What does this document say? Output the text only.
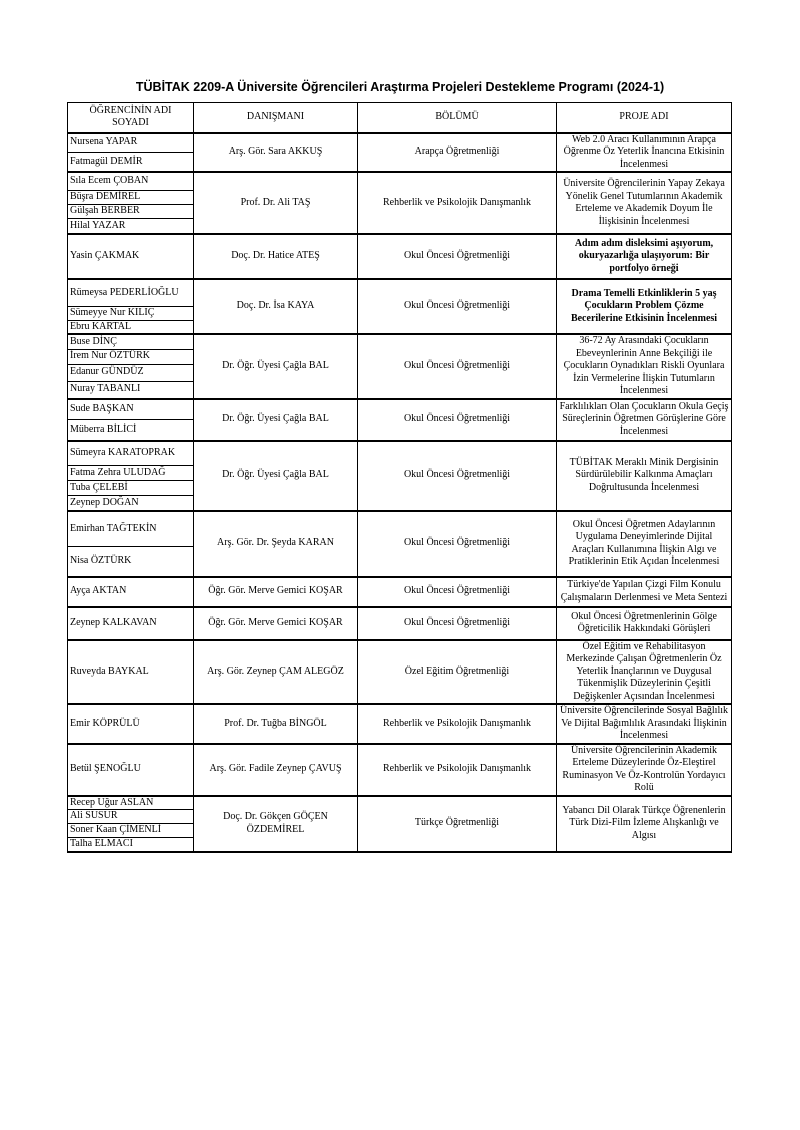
TÜBİTAK 2209-A Üniversite Öğrencileri Araştırma Projeleri Destekleme Programı (2024-1)
ÖĞRENCİNİN ADI SOYADI	DANIŞMANI	BÖLÜMÜ	PROJE ADI
Nursena YAPAR	Arş. Gör. Sara AKKUŞ	Arapça Öğretmenliği	Web 2.0 Aracı Kullanımının Arapça Öğrenme Öz Yeterlik İnancına Etkisinin İncelenmesi
Fatmagül DEMİR			
Sıla Ecem ÇOBAN	Prof. Dr. Ali TAŞ	Rehberlik ve Psikolojik Danışmanlık	Üniversite Öğrencilerinin Yapay Zekaya Yönelik Genel Tutumlarının Akademik Erteleme ve Akademik Doyum İle İlişkisinin İncelenmesi
Büşra DEMİREL			
Gülşah BERBER			
Hilal YAZAR			
Yasin ÇAKMAK	Doç. Dr. Hatice ATEŞ	Okul Öncesi Öğretmenliği	Adım adım disleksimi aşıyorum, okuryazarlığa ulaşıyorum: Bir portfolyo örneği
Rümeysa PEDERLİOĞLU	Doç. Dr. İsa KAYA	Okul Öncesi Öğretmenliği	Drama Temelli Etkinliklerin 5 yaş Çocukların Problem Çözme Becerilerine Etkisinin İncelenmesi
Sümeyye Nur KILIÇ			
Ebru KARTAL			
Buse DİNÇ	Dr. Öğr. Üyesi Çağla BAL	Okul Öncesi Öğretmenliği	36-72 Ay Arasındaki Çocukların Ebeveynlerinin Anne Bekçiliği ile Çocukların Oynadıkları Riskli Oyunlara İzin Vermelerine İlişkin Tutumların İncelenmesi
İrem Nur ÖZTÜRK			
Edanur GÜNDÜZ			
Nuray TABANLI			
Sude BAŞKAN	Dr. Öğr. Üyesi Çağla BAL	Okul Öncesi Öğretmenliği	Farklılıkları Olan Çocukların Okula Geçiş Süreçlerinin Öğretmen Görüşlerine Göre İncelenmesi
Müberra BİLİCİ			
Sümeyra KARATOPRAK	Dr. Öğr. Üyesi Çağla BAL	Okul Öncesi Öğretmenliği	TÜBİTAK Meraklı Minik Dergisinin Sürdürülebilir Kalkınma Amaçları Doğrultusunda İncelenmesi
Fatma Zehra ULUDAĞ			
Tuba ÇELEBİ			
Zeynep DOĞAN			
Emirhan TAĞTEKİN	Arş. Gör. Dr. Şeyda KARAN	Okul Öncesi Öğretmenliği	Okul Öncesi Öğretmen Adaylarının Uygulama Deneyimlerinde Dijital Araçları Kullanımına İlişkin Algı ve Pratiklerinin Etik Açıdan İncelenmesi
Nisa ÖZTÜRK			
Ayça AKTAN	Öğr. Gör. Merve Gemici KOŞAR	Okul Öncesi Öğretmenliği	Türkiye'de Yapılan Çizgi Film Konulu Çalışmaların Derlenmesi ve Meta Sentezi
Zeynep KALKAVAN	Öğr. Gör. Merve Gemici KOŞAR	Okul Öncesi Öğretmenliği	Okul Öncesi Öğretmenlerinin Gölge Öğreticilik Hakkındaki Görüşleri
Ruveyda BAYKAL	Arş. Gör. Zeynep ÇAM ALEGÖZ	Özel Eğitim Öğretmenliği	Özel Eğitim ve Rehabilitasyon Merkezinde Çalışan Öğretmenlerin Öz Yeterlik İnançlarının ve Duygusal Tükenmişlik Düzeylerinin Çeşitli Değişkenler Açısından İncelenmesi
Emir KÖPRÜLÜ	Prof. Dr. Tuğba BİNGÖL	Rehberlik ve Psikolojik Danışmanlık	Üniversite Öğrencilerinde Sosyal Bağlılık Ve Dijital Bağımlılık Arasındaki İlişkinin İncelenmesi
Betül ŞENOĞLU	Arş. Gör. Fadile Zeynep ÇAVUŞ	Rehberlik ve Psikolojik Danışmanlık	Üniversite Öğrencilerinin Akademik Erteleme Düzeylerinde Öz-Eleştirel Ruminasyon Ve Öz-Kontrolün Yordayıcı Rolü
Recep Uğur ASLAN	Doç. Dr. Gökçen GÖÇEN ÖZDEMİREL	Türkçe Öğretmenliği	Yabancı Dil Olarak Türkçe Öğrenenlerin Türk Dizi-Film İzleme Alışkanlığı ve Algısı
Ali SUSUR			
Soner Kaan ÇİMENLİ			
Talha ELMACI			
